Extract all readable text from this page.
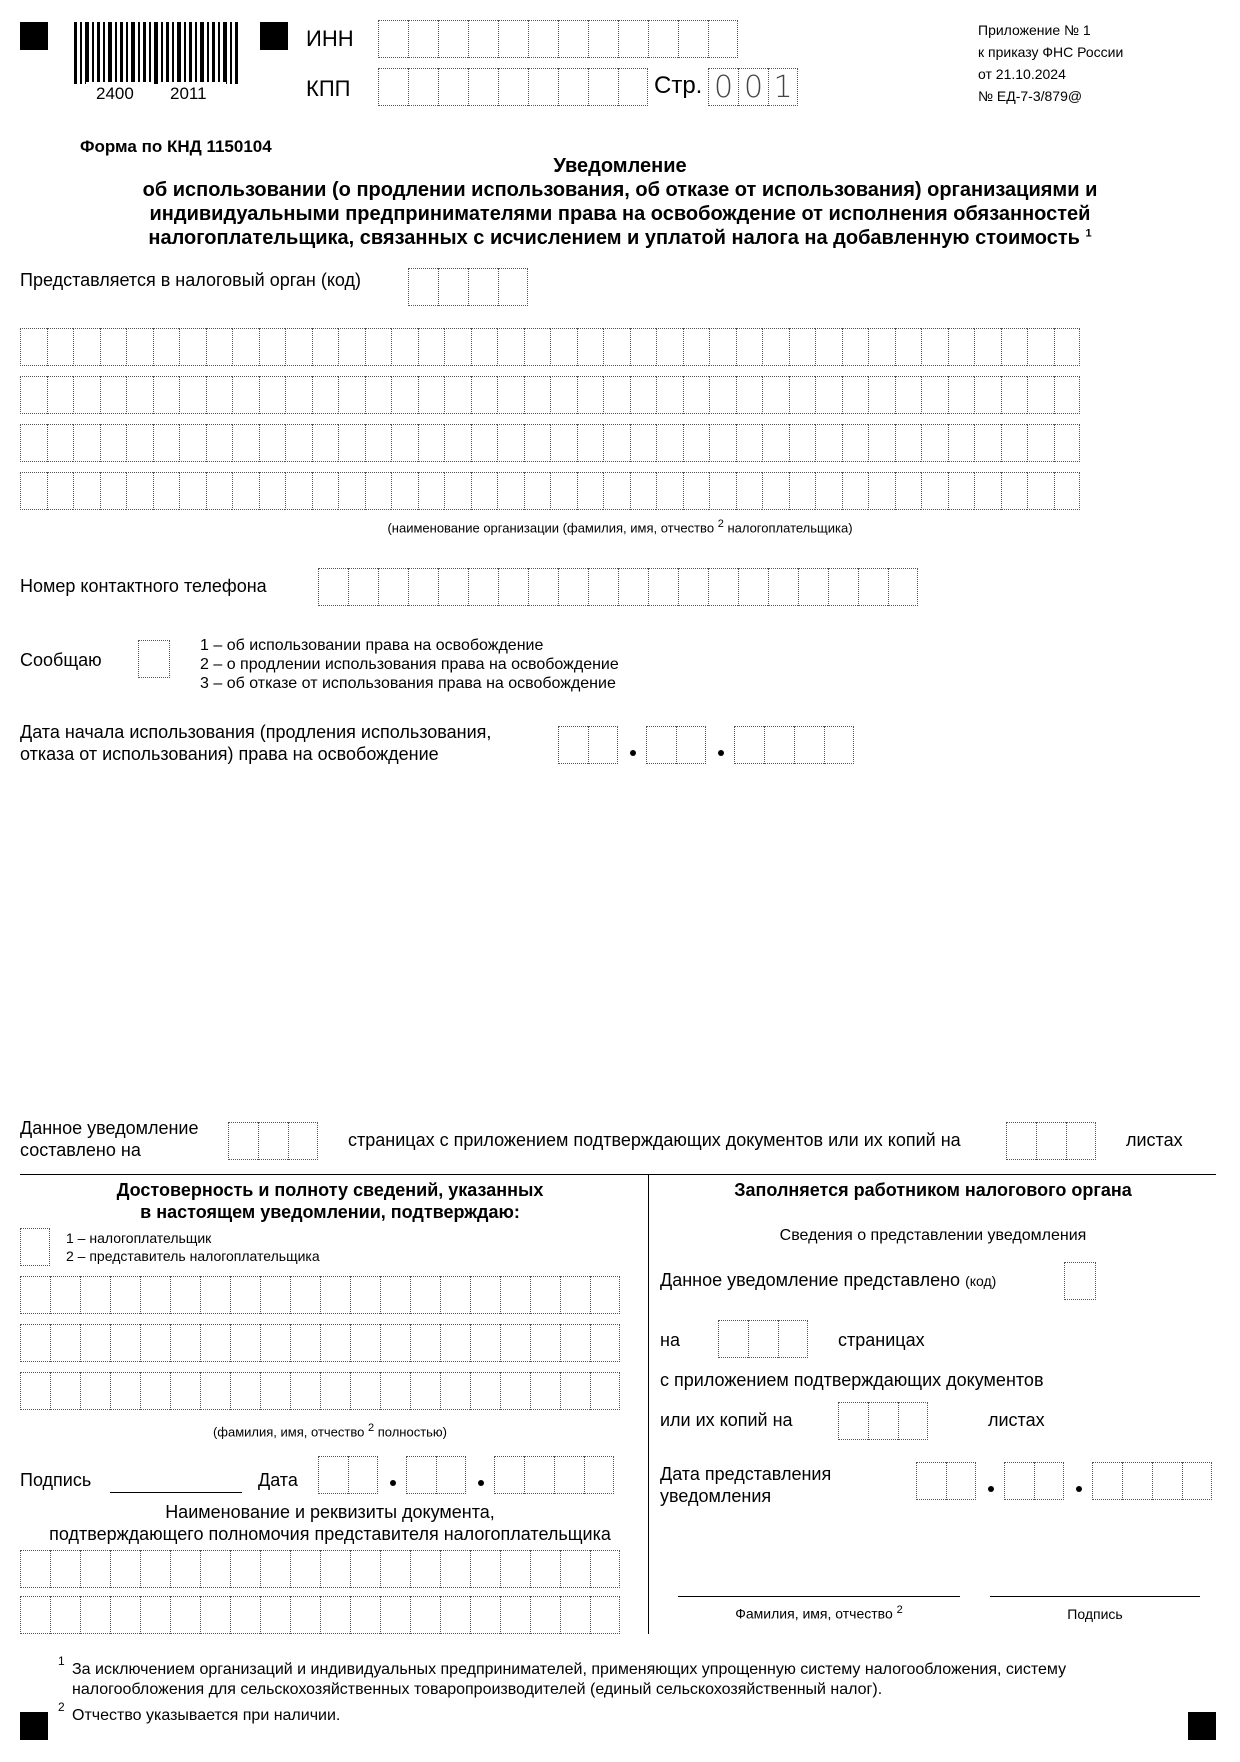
2400 2011
ИНН
КПП	Стр. 0 0 1
Приложение № 1
к приказу ФНС России
от 21.10.2024
№ ЕД-7-3/879@
Форма по КНД 1150104
Уведомление
об использовании (о продлении использования, об отказе от использования) организациями и
индивидуальными предпринимателями права на освобождение от исполнения обязанностей
налогоплательщика, связанных с исчислением и уплатой налога на добавленную стоимость $^1$
Представляется в налоговый орган (код)
(наименование организации (фамилия, имя, отчество $^2$ налогоплательщика)
Номер контактного телефона
Сообщаю
1 – об использовании права на освобождение
2 – о продлении использования права на освобождение
3 – об отказе от использования права на освобождение
Дата начала использования (продления использования,
отказа от использования) права на освобождение
Данное уведомление
составлено на	страницах с приложением подтверждающих документов или их копий на	листах
Достоверность и полноту сведений, указанных
в настоящем уведомлении, подтверждаю:
1 – налогоплательщик
2 – представитель налогоплательщика
(фамилия, имя, отчество $^2$ полностью)
Подпись	Дата
Наименование и реквизиты документа,
подтверждающего полномочия представителя налогоплательщика
Заполняется работником налогового органа
Сведения о представлении уведомления
Данное уведомление представлено (код)
на	страницах
с приложением подтверждающих документов
или их копий на	листах
Дата представления
уведомления
Фамилия, имя, отчество $^2$	Подпись
1 За исключением организаций и индивидуальных предпринимателей, применяющих упрощенную систему налогообложения, систему
налогообложения для сельскохозяйственных товаропроизводителей (единый сельскохозяйственный налог).
2 Отчество указывается при наличии.
